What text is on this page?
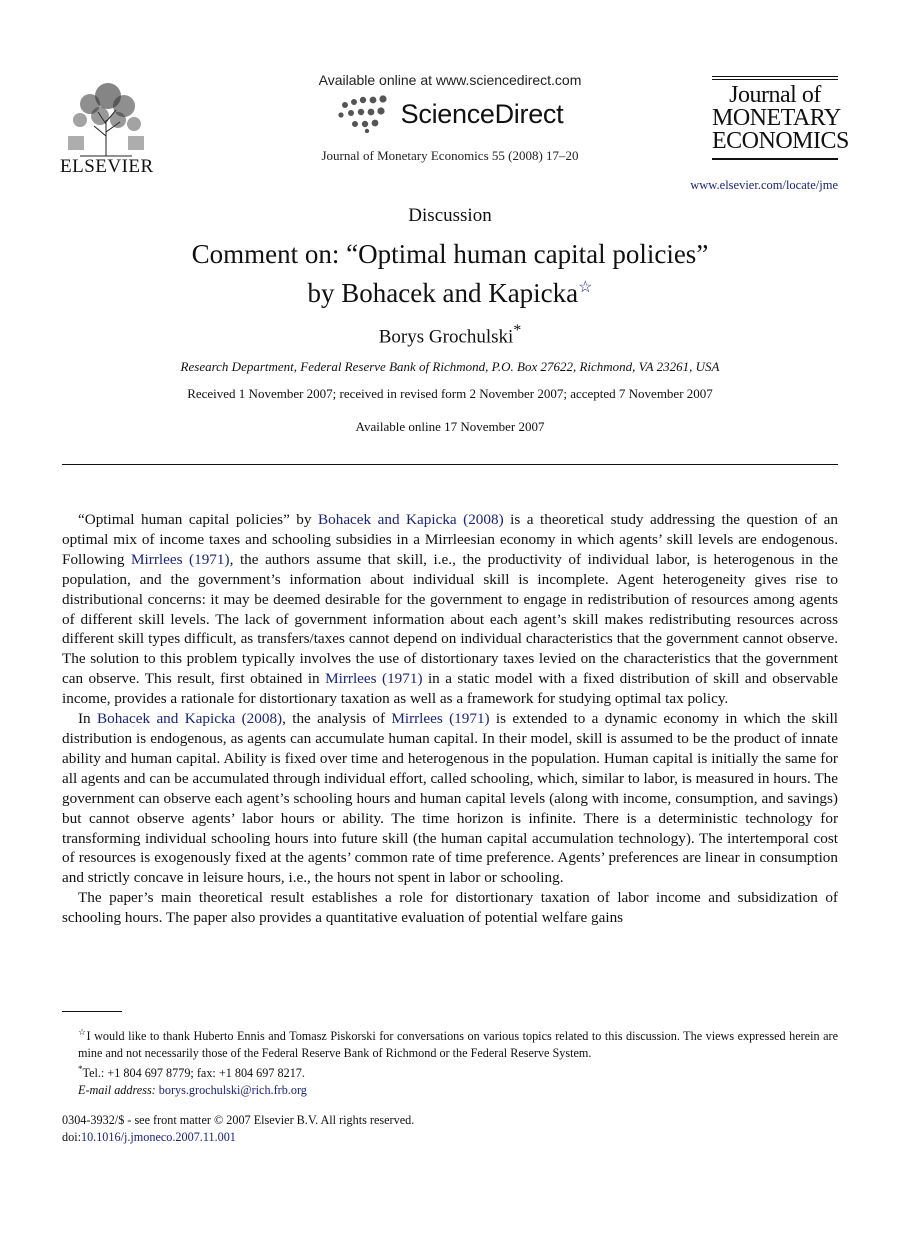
ELSEVIER
Available online at www.sciencedirect.com
ScienceDirect
Journal of Monetary Economics 55 (2008) 17–20
Journal of
MONETARY
ECONOMICS
www.elsevier.com/locate/jme
Discussion
Comment on: “Optimal human capital policies”
by Bohacek and Kapicka☆
Borys Grochulski*
Research Department, Federal Reserve Bank of Richmond, P.O. Box 27622, Richmond, VA 23261, USA
Received 1 November 2007; received in revised form 2 November 2007; accepted 7 November 2007
Available online 17 November 2007

“Optimal human capital policies” by Bohacek and Kapicka (2008) is a theoretical study addressing the question of an optimal mix of income taxes and schooling subsidies in a Mirrleesian economy in which agents’ skill levels are endogenous. Following Mirrlees (1971), the authors assume that skill, i.e., the productivity of individual labor, is heterogenous in the population, and the government’s information about individual skill is incomplete. Agent heterogeneity gives rise to distributional concerns: it may be deemed desirable for the government to engage in redistribution of resources among agents of different skill levels. The lack of government information about each agent’s skill makes redistributing resources across different skill types difficult, as transfers/taxes cannot depend on individual characteristics that the government cannot observe. The solution to this problem typically involves the use of distortionary taxes levied on the characteristics that the government can observe. This result, first obtained in Mirrlees (1971) in a static model with a fixed distribution of skill and observable income, provides a rationale for distortionary taxation as well as a framework for studying optimal tax policy.

In Bohacek and Kapicka (2008), the analysis of Mirrlees (1971) is extended to a dynamic economy in which the skill distribution is endogenous, as agents can accumulate human capital. In their model, skill is assumed to be the product of innate ability and human capital. Ability is fixed over time and heterogenous in the population. Human capital is initially the same for all agents and can be accumulated through individual effort, called schooling, which, similar to labor, is measured in hours. The government can observe each agent’s schooling hours and human capital levels (along with income, consumption, and savings) but cannot observe agents’ labor hours or ability. The time horizon is infinite. There is a deterministic technology for transforming individual schooling hours into future skill (the human capital accumulation technology). The intertemporal cost of resources is exogenously fixed at the agents’ common rate of time preference. Agents’ preferences are linear in consumption and strictly concave in leisure hours, i.e., the hours not spent in labor or schooling.

The paper’s main theoretical result establishes a role for distortionary taxation of labor income and subsidization of schooling hours. The paper also provides a quantitative evaluation of potential welfare gains

☆I would like to thank Huberto Ennis and Tomasz Piskorski for conversations on various topics related to this discussion. The views expressed herein are mine and not necessarily those of the Federal Reserve Bank of Richmond or the Federal Reserve System.
*Tel.: +1 804 697 8779; fax: +1 804 697 8217.
E-mail address: borys.grochulski@rich.frb.org
0304-3932/$ - see front matter © 2007 Elsevier B.V. All rights reserved.
doi:10.1016/j.jmoneco.2007.11.001
